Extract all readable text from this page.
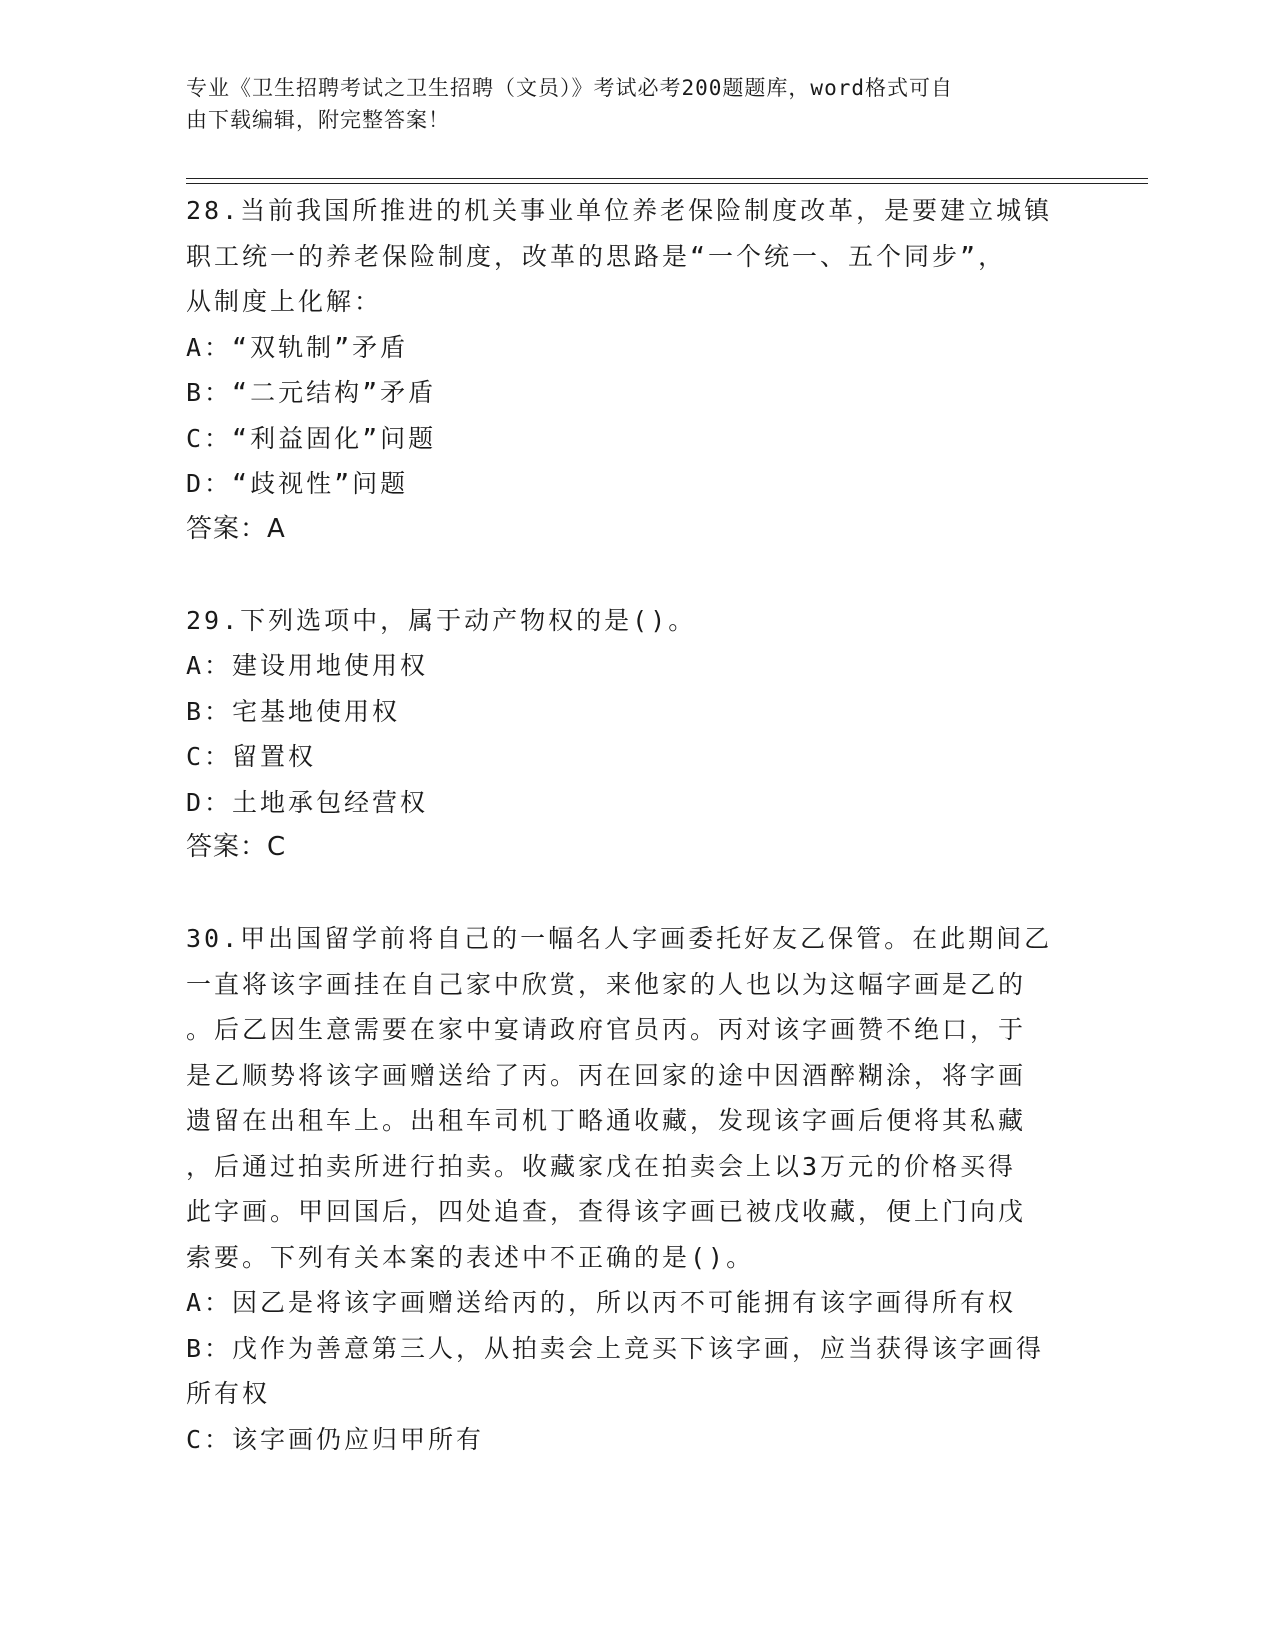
专业《卫生招聘考试之卫生招聘（文员）》考试必考200题题库，word格式可自
由下载编辑，附完整答案！
28.当前我国所推进的机关事业单位养老保险制度改革，是要建立城镇
职工统一的养老保险制度，改革的思路是“一个统一、五个同步”，
从制度上化解：
A：“双轨制”矛盾
B：“二元结构”矛盾
C：“利益固化”问题
D：“歧视性”问题
答案：A
29.下列选项中，属于动产物权的是()。
A：建设用地使用权
B：宅基地使用权
C：留置权
D：土地承包经营权
答案：C
30.甲出国留学前将自己的一幅名人字画委托好友乙保管。在此期间乙
一直将该字画挂在自己家中欣赏，来他家的人也以为这幅字画是乙的
。后乙因生意需要在家中宴请政府官员丙。丙对该字画赞不绝口，于
是乙顺势将该字画赠送给了丙。丙在回家的途中因酒醉糊涂，将字画
遗留在出租车上。出租车司机丁略通收藏，发现该字画后便将其私藏
，后通过拍卖所进行拍卖。收藏家戊在拍卖会上以3万元的价格买得
此字画。甲回国后，四处追查，查得该字画已被戊收藏，便上门向戊
索要。下列有关本案的表述中不正确的是()。
A：因乙是将该字画赠送给丙的，所以丙不可能拥有该字画得所有权
B：戊作为善意第三人，从拍卖会上竞买下该字画，应当获得该字画得
所有权
C：该字画仍应归甲所有
